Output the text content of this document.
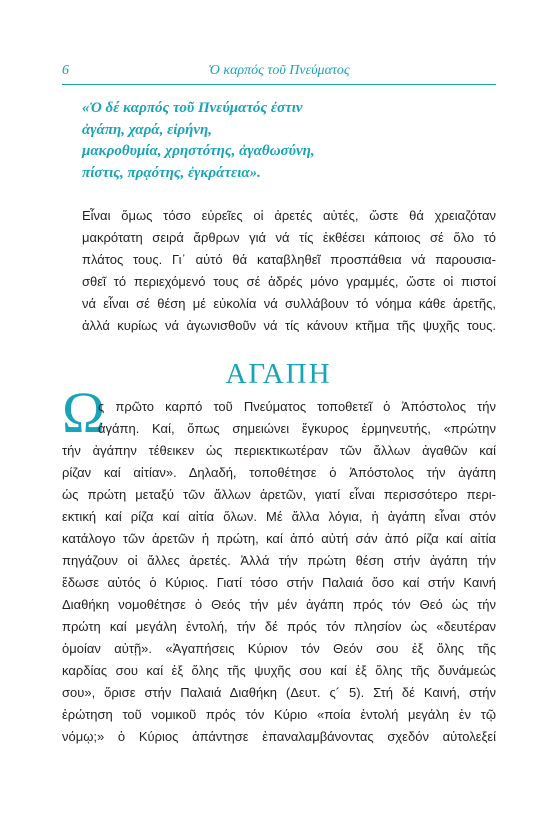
6	Ὁ καρπός τοῦ Πνεύματος
«Ὁ δέ καρπός τοῦ Πνεύματός ἐστιν
ἀγάπη, χαρά, εἰρήνη,
μακροθυμία, χρηστότης, ἀγαθωσύνη,
πίστις, πρᾳότης, ἐγκράτεια».
Εἶναι ὅμως τόσο εὐρεῖες οἱ ἀρετές αὐτές, ὥστε θά χρειαζόταν
μακρότατη σειρά ἄρθρων γιά νά τίς ἐκθέσει κάποιος σέ ὅλο τό
πλάτος τους. Γι᾿ αὐτό θά καταβληθεῖ προσπάθεια νά παρουσια-
σθεῖ τό περιεχόμενό τους σέ ἁδρές μόνο γραμμές, ὥστε οἱ πιστοί
νά εἶναι σέ θέση μέ εὐκολία νά συλλάβουν τό νόημα κάθε ἀρετῆς,
ἀλλά κυρίως νά ἀγωνισθοῦν νά τίς κάνουν κτῆμα τῆς ψυχῆς τους.
ΑΓΑΠΗ
Ω
ς πρῶτο καρπό τοῦ Πνεύματος τοποθετεῖ ὁ Ἀπόστολος τήν
ἀγάπη. Καί, ὅπως σημειώνει ἔγκυρος ἑρμηνευτής, «πρώτην
τήν ἀγάπην τέθεικεν ὡς περιεκτικωτέραν τῶν ἄλλων ἀγαθῶν καί
ρίζαν καί αἰτίαν». Δηλαδή, τοποθέτησε ὁ Ἀπόστολος τήν ἀγάπη
ὡς πρώτη μεταξύ τῶν ἄλλων ἀρετῶν, γιατί εἶναι περισσότερο περι-
εκτική καί ρίζα καί αἰτία ὅλων. Μέ ἄλλα λόγια, ἡ ἀγάπη εἶναι στόν
κατάλογο τῶν ἀρετῶν ἡ πρώτη, καί ἀπό αὐτή σάν ἀπό ρίζα καί αἰτία
πηγάζουν οἱ ἄλλες ἀρετές. Ἀλλά τήν πρώτη θέση στήν ἀγάπη τήν
ἔδωσε αὐτός ὁ Κύριος. Γιατί τόσο στήν Παλαιά ὅσο καί στήν Καινή
Διαθήκη νομοθέτησε ὁ Θεός τήν μέν ἀγάπη πρός τόν Θεό ὡς τήν
πρώτη καί μεγάλη ἐντολή, τήν δέ πρός τόν πλησίον ὡς «δευτέραν
ὁμοίαν αὐτῇ». «Ἀγαπήσεις Κύριον τόν Θεόν σου ἐξ ὅλης τῆς
καρδίας σου καί ἐξ ὅλης τῆς ψυχῆς σου καί ἐξ ὅλης τῆς δυνάμεώς
σου», ὅρισε στήν Παλαιά Διαθήκη (Δευτ. ς´ 5). Στή δέ Καινή, στήν
ἐρώτηση τοῦ νομικοῦ πρός τόν Κύριο «ποία ἐντολή μεγάλη ἐν τῷ
νόμῳ;» ὁ Κύριος ἀπάντησε ἐπαναλαμβάνοντας σχεδόν αὐτολεξεί
